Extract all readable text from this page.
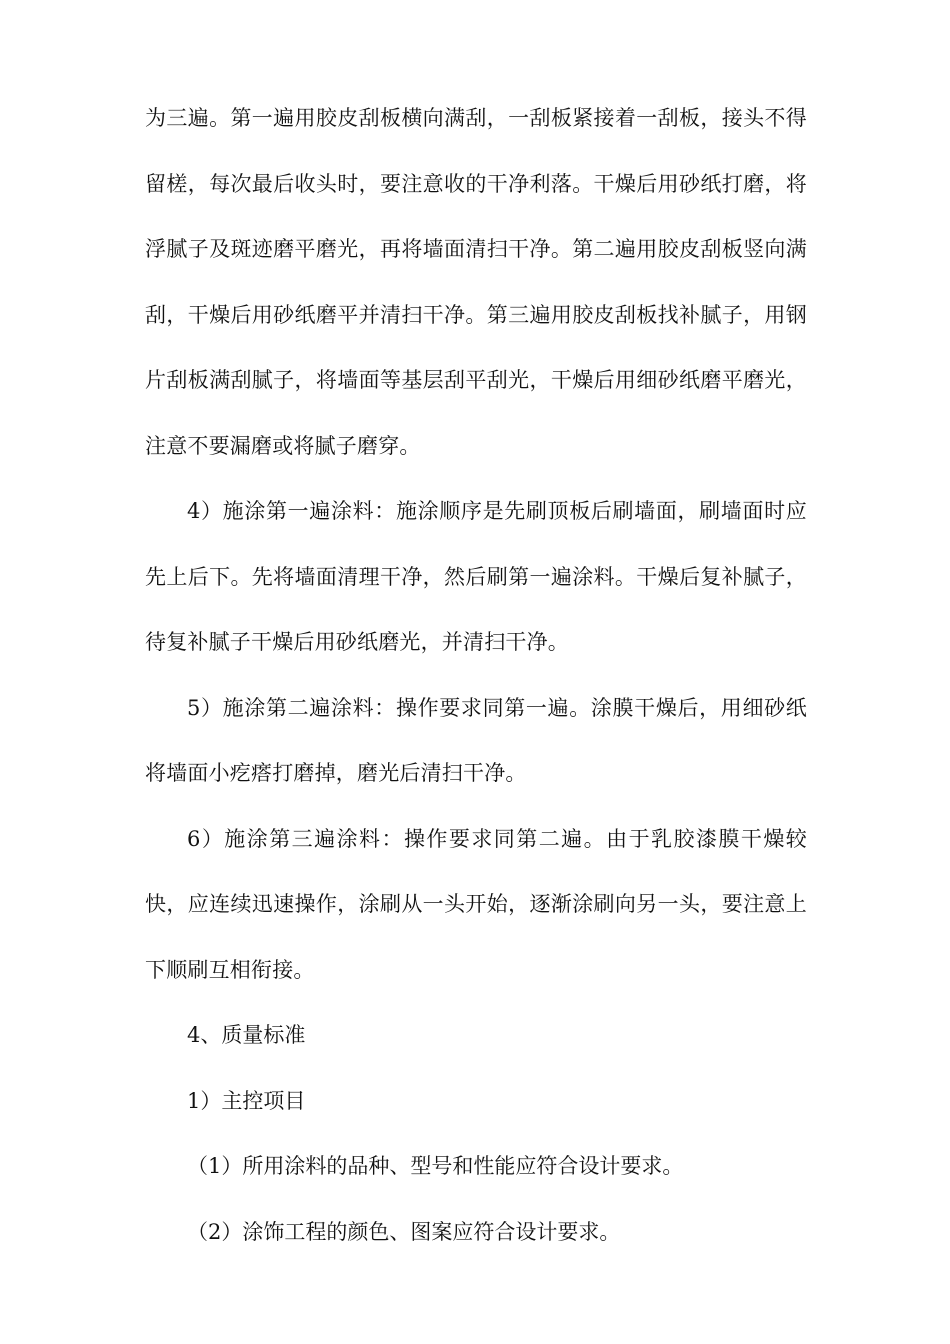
为三遍。第一遍用胶皮刮板横向满刮，一刮板紧接着一刮板，接头不得留槎，每次最后收头时，要注意收的干净利落。干燥后用砂纸打磨，将浮腻子及斑迹磨平磨光，再将墙面清扫干净。第二遍用胶皮刮板竖向满刮，干燥后用砂纸磨平并清扫干净。第三遍用胶皮刮板找补腻子，用钢片刮板满刮腻子，将墙面等基层刮平刮光，干燥后用细砂纸磨平磨光，注意不要漏磨或将腻子磨穿。

4）施涂第一遍涂料：施涂顺序是先刷顶板后刷墙面，刷墙面时应先上后下。先将墙面清理干净，然后刷第一遍涂料。干燥后复补腻子，待复补腻子干燥后用砂纸磨光，并清扫干净。

5）施涂第二遍涂料：操作要求同第一遍。涂膜干燥后，用细砂纸将墙面小疙瘩打磨掉，磨光后清扫干净。

6）施涂第三遍涂料：操作要求同第二遍。由于乳胶漆膜干燥较快，应连续迅速操作，涂刷从一头开始，逐渐涂刷向另一头，要注意上下顺刷互相衔接。

4、质量标准

1）主控项目

（1）所用涂料的品种、型号和性能应符合设计要求。

（2）涂饰工程的颜色、图案应符合设计要求。
